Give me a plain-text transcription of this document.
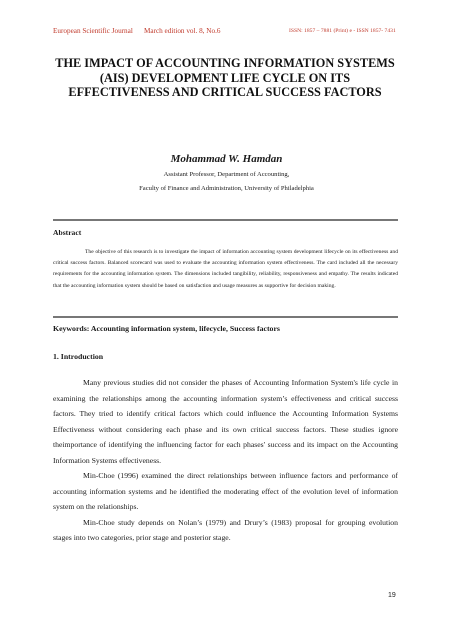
European Scientific Journal March edition vol. 8, No.6	ISSN: 1857 – 7881 (Print) e - ISSN 1857- 7431
THE IMPACT OF ACCOUNTING INFORMATION SYSTEMS (AIS) DEVELOPMENT LIFE CYCLE ON ITS EFFECTIVENESS AND CRITICAL SUCCESS FACTORS
Mohammad W. Hamdan
Assistant Professor, Department of Accounting,
Faculty of Finance and Administration, University of Philadelphia
Abstract
The objective of this research is to investigate the impact of information accounting system development lifecycle on its effectiveness and critical success factors. Balanced scorecard was used to evaluate the accounting information system effectiveness. The card included all the necessary requirements for the accounting information system. The dimensions included tangibility, reliability, responsiveness and empathy. The results indicated that the accounting information system should be based on satisfaction and usage measures as supportive for decision making.
Keywords: Accounting information system, lifecycle, Success factors
1. Introduction

Many previous studies did not consider the phases of Accounting Information System's life cycle in examining the relationships among the accounting information system’s effectiveness and critical success factors. They tried to identify critical factors which could influence the Accounting Information Systems Effectiveness without considering each phase and its own critical success factors. These studies ignore theimportance of identifying the influencing factor for each phases' success and its impact on the Accounting Information Systems effectiveness.

Min-Choe (1996) examined the direct relationships between influence factors and performance of accounting information systems and he identified the moderating effect of the evolution level of information system on the relationships.

Min-Choe study depends on Nolan’s (1979) and Drury’s (1983) proposal for grouping evolution stages into two categories, prior stage and posterior stage.

19
